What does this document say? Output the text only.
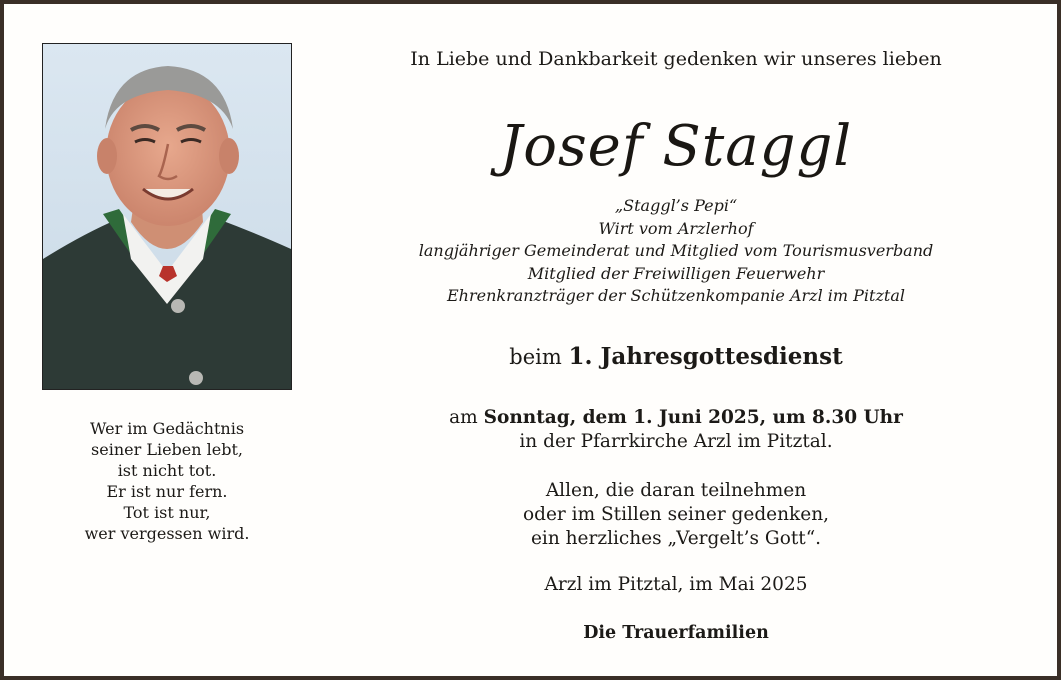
Wer im Gedächtnis
seiner Lieben lebt,
ist nicht tot.
Er ist nur fern.
Tot ist nur,
wer vergessen wird.
In Liebe und Dankbarkeit gedenken wir unseres lieben
Josef Staggl
„Staggl’s Pepi“
Wirt vom Arzlerhof
langjähriger Gemeinderat und Mitglied vom Tourismusverband
Mitglied der Freiwilligen Feuerwehr
Ehrenkranzträger der Schützenkompanie Arzl im Pitztal
beim 1. Jahresgottesdienst
am Sonntag, dem 1. Juni 2025, um 8.30 Uhr
in der Pfarrkirche Arzl im Pitztal.
Allen, die daran teilnehmen
oder im Stillen seiner gedenken,
ein herzliches „Vergelt’s Gott“.
Arzl im Pitztal, im Mai 2025
Die Trauerfamilien
